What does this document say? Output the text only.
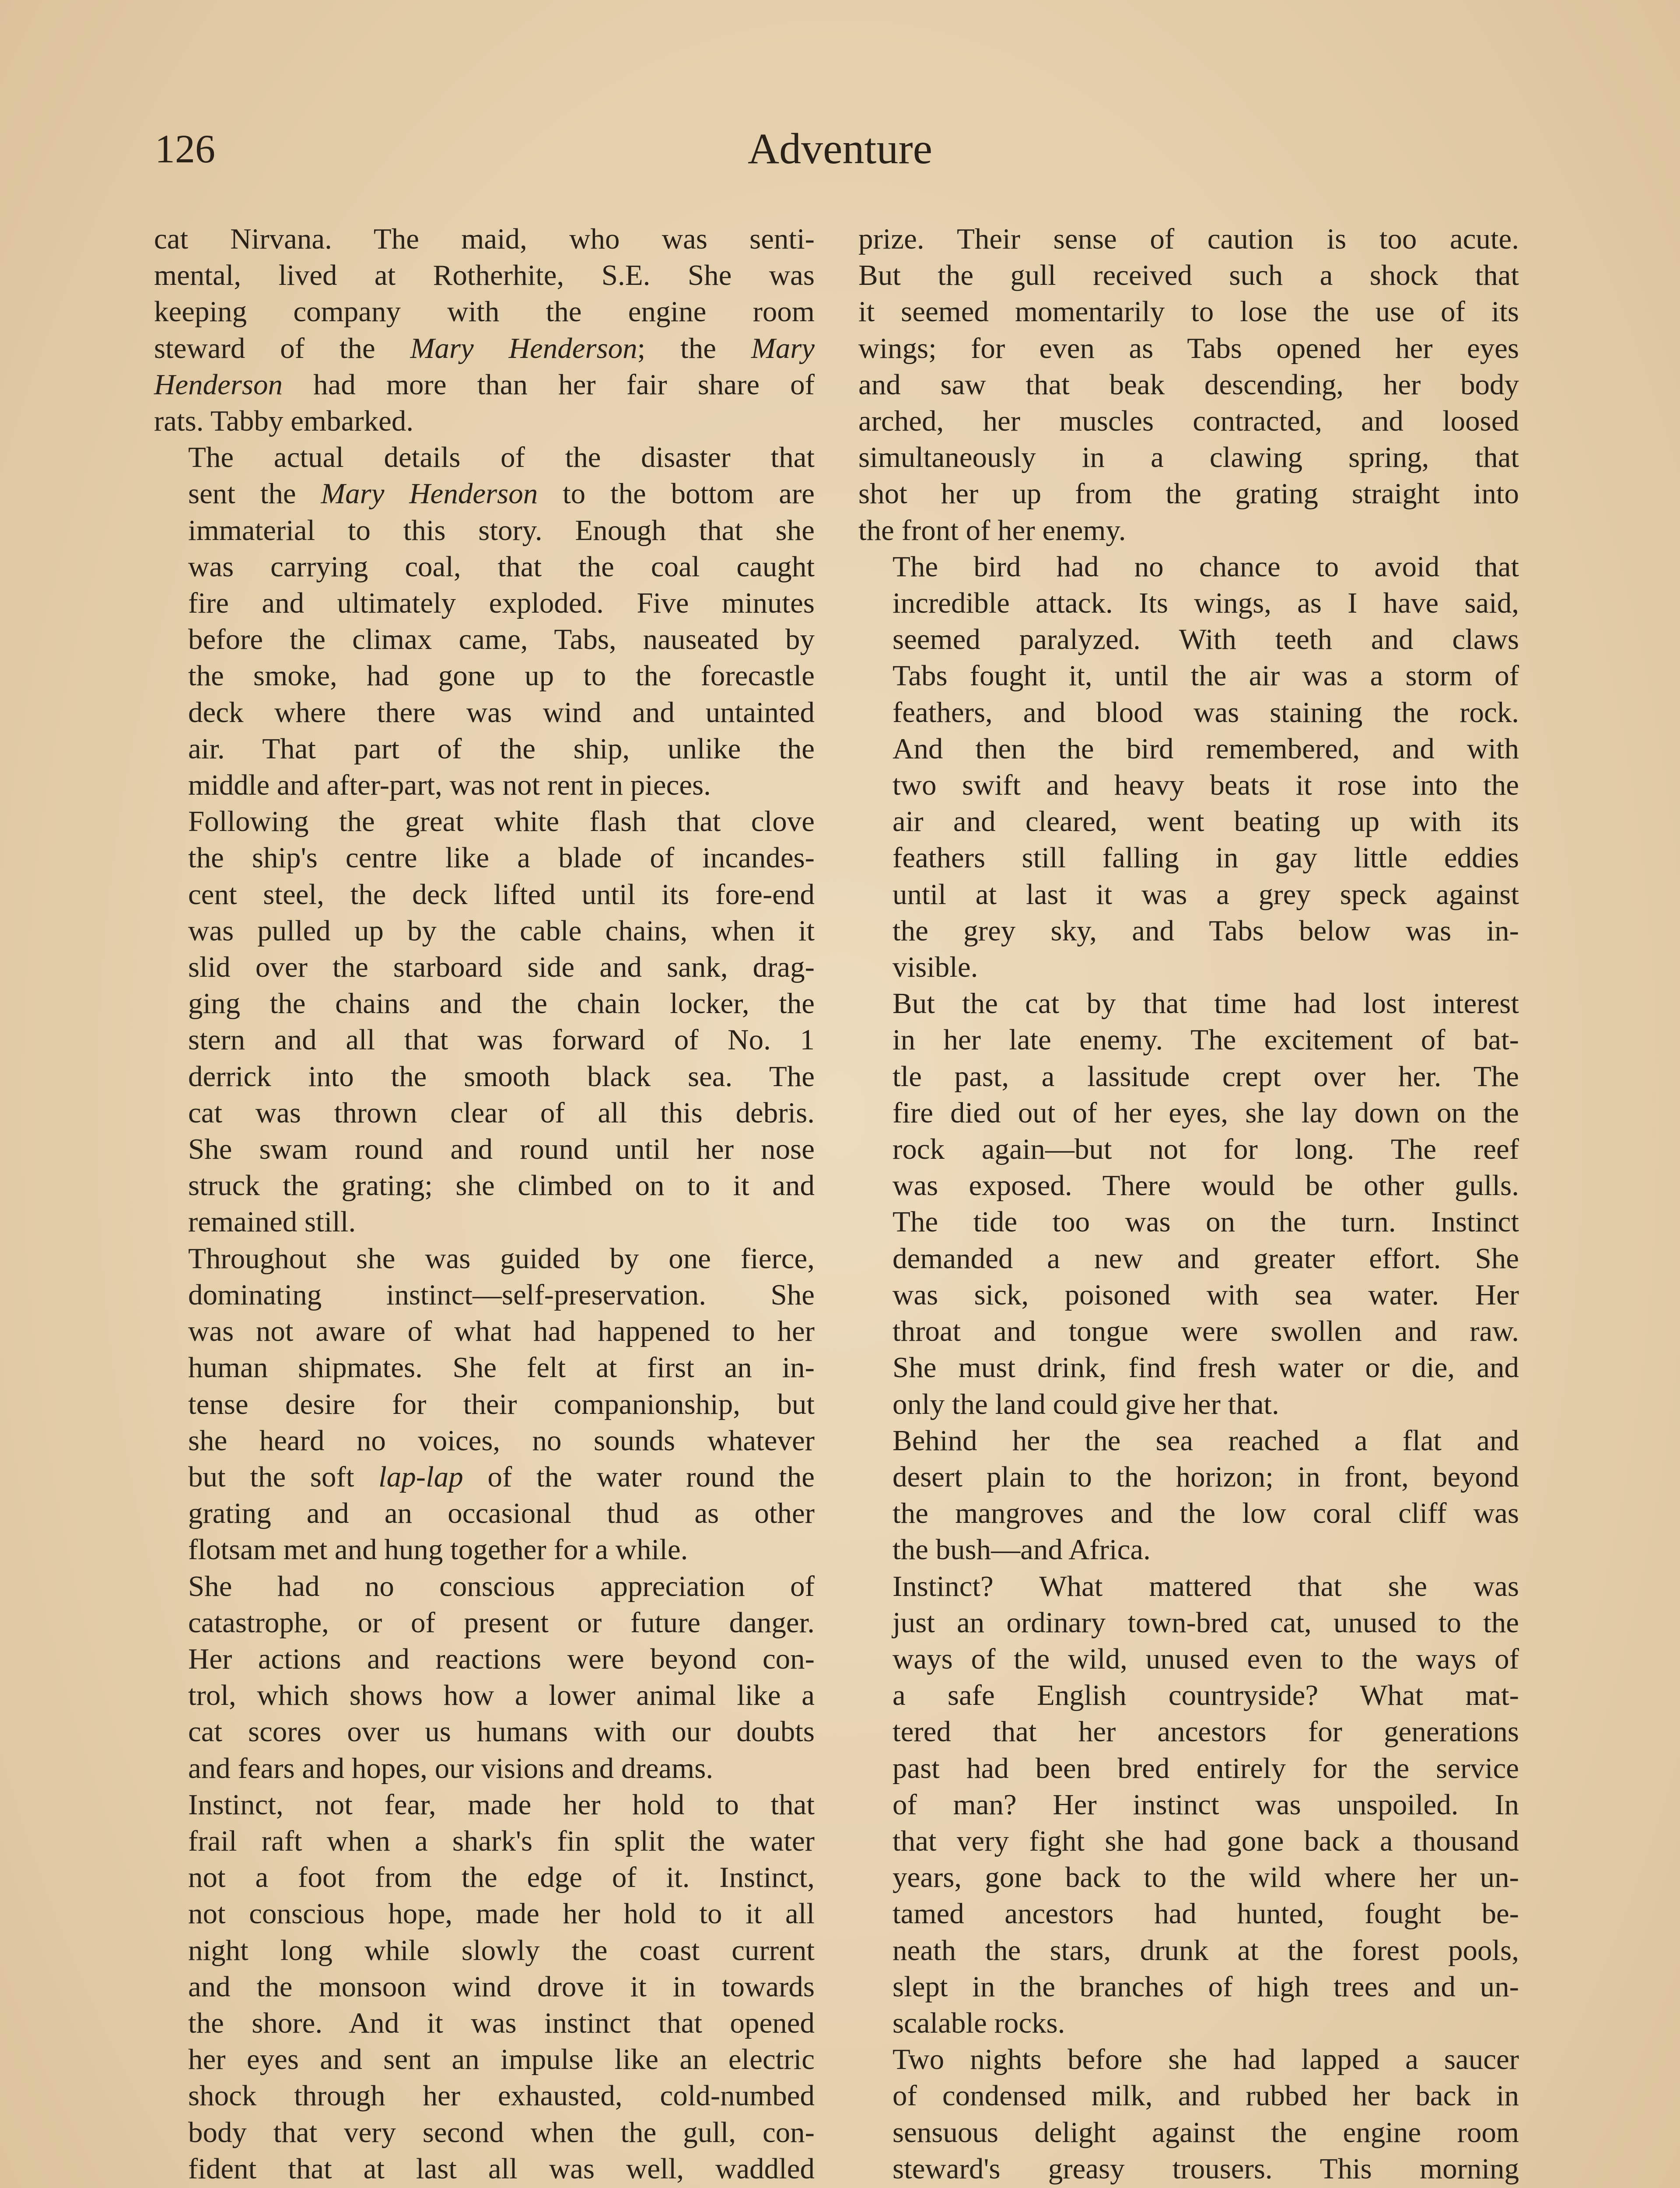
126	Adventure

cat Nirvana. The maid, who was senti-
mental, lived at Rotherhite, S.E. She was
keeping company with the engine room
steward of the Mary Henderson; the Mary
Henderson had more than her fair share of
rats. Tabby embarked.

The actual details of the disaster that
sent the Mary Henderson to the bottom are
immaterial to this story. Enough that she
was carrying coal, that the coal caught
fire and ultimately exploded. Five minutes
before the climax came, Tabs, nauseated by
the smoke, had gone up to the forecastle
deck where there was wind and untainted
air. That part of the ship, unlike the
middle and after-part, was not rent in pieces.

Following the great white flash that clove
the ship's centre like a blade of incandes-
cent steel, the deck lifted until its fore-end
was pulled up by the cable chains, when it
slid over the starboard side and sank, drag-
ging the chains and the chain locker, the
stern and all that was forward of No. 1
derrick into the smooth black sea. The
cat was thrown clear of all this debris.
She swam round and round until her nose
struck the grating; she climbed on to it and
remained still.

Throughout she was guided by one fierce,
dominating instinct—self-preservation. She
was not aware of what had happened to her
human shipmates. She felt at first an in-
tense desire for their companionship, but
she heard no voices, no sounds whatever
but the soft lap-lap of the water round the
grating and an occasional thud as other
flotsam met and hung together for a while.

She had no conscious appreciation of
catastrophe, or of present or future danger.
Her actions and reactions were beyond con-
trol, which shows how a lower animal like a
cat scores over us humans with our doubts
and fears and hopes, our visions and dreams.

Instinct, not fear, made her hold to that
frail raft when a shark's fin split the water
not a foot from the edge of it. Instinct,
not conscious hope, made her hold to it all
night long while slowly the coast current
and the monsoon wind drove it in towards
the shore. And it was instinct that opened
her eyes and sent an impulse like an electric
shock through her exhausted, cold-numbed
body that very second when the gull, con-
fident that at last all was well, waddled

prize. Their sense of caution is too acute.
But the gull received such a shock that
it seemed momentarily to lose the use of its
wings; for even as Tabs opened her eyes
and saw that beak descending, her body
arched, her muscles contracted, and loosed
simultaneously in a clawing spring, that
shot her up from the grating straight into
the front of her enemy.

The bird had no chance to avoid that
incredible attack. Its wings, as I have said,
seemed paralyzed. With teeth and claws
Tabs fought it, until the air was a storm of
feathers, and blood was staining the rock.
And then the bird remembered, and with
two swift and heavy beats it rose into the
air and cleared, went beating up with its
feathers still falling in gay little eddies
until at last it was a grey speck against
the grey sky, and Tabs below was in-
visible.

But the cat by that time had lost interest
in her late enemy. The excitement of bat-
tle past, a lassitude crept over her. The
fire died out of her eyes, she lay down on the
rock again—but not for long. The reef
was exposed. There would be other gulls.
The tide too was on the turn. Instinct
demanded a new and greater effort. She
was sick, poisoned with sea water. Her
throat and tongue were swollen and raw.
She must drink, find fresh water or die, and
only the land could give her that.

Behind her the sea reached a flat and
desert plain to the horizon; in front, beyond
the mangroves and the low coral cliff was
the bush—and Africa.

Instinct? What mattered that she was
just an ordinary town-bred cat, unused to the
ways of the wild, unused even to the ways of
a safe English countryside? What mat-
tered that her ancestors for generations
past had been bred entirely for the service
of man? Her instinct was unspoiled. In
that very fight she had gone back a thousand
years, gone back to the wild where her un-
tamed ancestors had hunted, fought be-
neath the stars, drunk at the forest pools,
slept in the branches of high trees and un-
scalable rocks.

Two nights before she had lapped a saucer
of condensed milk, and rubbed her back in
sensuous delight against the engine room
steward's greasy trousers. This morning
